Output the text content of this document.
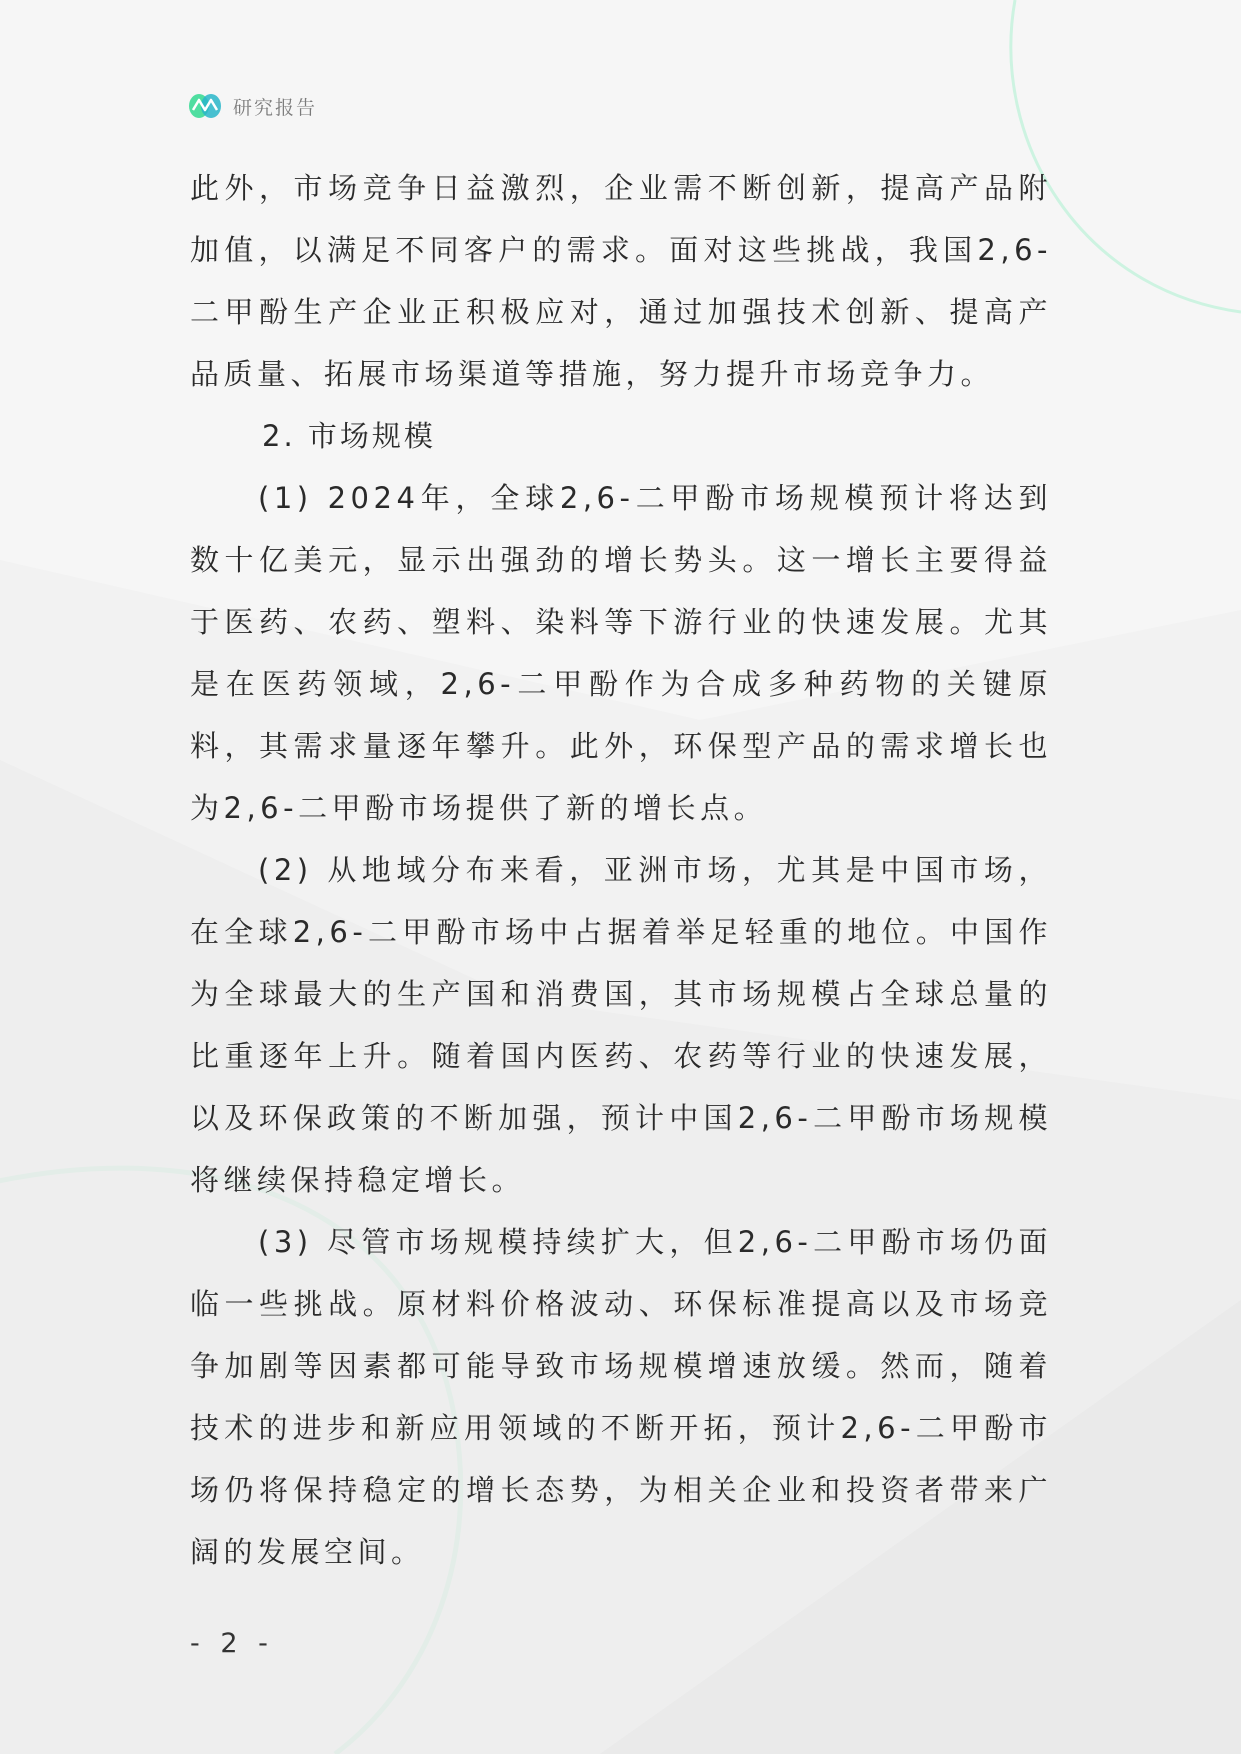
研究报告

此外，市场竞争日益激烈，企业需不断创新，提高产品附加值，以满足不同客户的需求。面对这些挑战，我国2,6-二甲酚生产企业正积极应对，通过加强技术创新、提高产品质量、拓展市场渠道等措施，努力提升市场竞争力。

2. 市场规模

(1) 2024年，全球2,6-二甲酚市场规模预计将达到数十亿美元，显示出强劲的增长势头。这一增长主要得益于医药、农药、塑料、染料等下游行业的快速发展。尤其是在医药领域，2,6-二甲酚作为合成多种药物的关键原料，其需求量逐年攀升。此外，环保型产品的需求增长也为2,6-二甲酚市场提供了新的增长点。

(2) 从地域分布来看，亚洲市场，尤其是中国市场，在全球2,6-二甲酚市场中占据着举足轻重的地位。中国作为全球最大的生产国和消费国，其市场规模占全球总量的比重逐年上升。随着国内医药、农药等行业的快速发展，以及环保政策的不断加强，预计中国2,6-二甲酚市场规模将继续保持稳定增长。

(3) 尽管市场规模持续扩大，但2,6-二甲酚市场仍面临一些挑战。原材料价格波动、环保标准提高以及市场竞争加剧等因素都可能导致市场规模增速放缓。然而，随着技术的进步和新应用领域的不断开拓，预计2,6-二甲酚市场仍将保持稳定的增长态势，为相关企业和投资者带来广阔的发展空间。

- 2 -
